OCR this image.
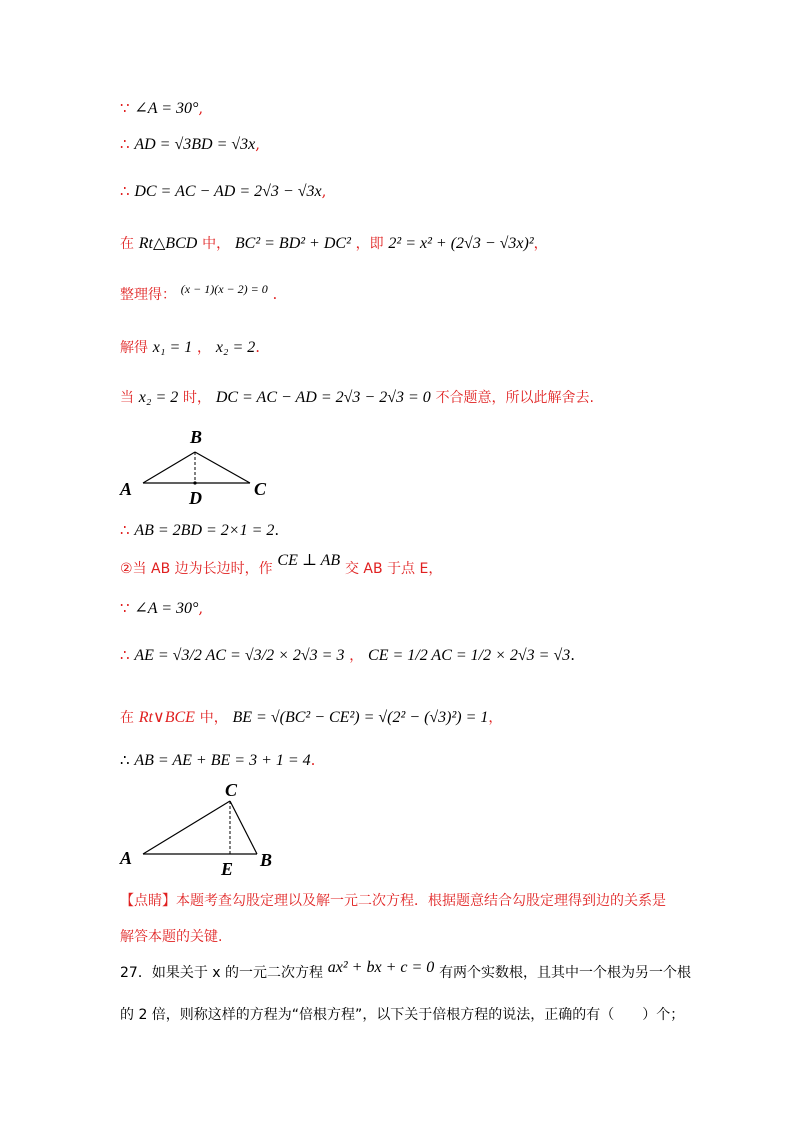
∵ ∠A = 30°,
∴ AD = √3BD = √3x,
∴ DC = AC − AD = 2√3 − √3x,
在 Rt△BCD 中， BC² = BD² + DC² ，即 2² = x² + (2√3 − √3x)²，
整理得： $^{(x - 1)(x - 2) = 0}$ .
解得 x₁ = 1 ， x₂ = 2.
当 x₂ = 2 时， DC = AC − AD = 2√3 − 2√3 = 0 不合题意，所以此解舍去.
B
A	C
D
∴ AB = 2BD = 2×1 = 2.
②当 AB 边为长边时，作 CE ⊥ AB 交 AB 于点 E，
∵ ∠A = 30°,
∴ AE = √3/2 AC = √3/2 × 2√3 = 3 ， CE = 1/2 AC = 1/2 × 2√3 = √3.
在 Rt∨BCE 中， BE = √(BC² − CE²) = √(2² − (√3)²) = 1，
∴ AB = AE + BE = 3 + 1 = 4.
C
A	B
E
【点睛】本题考查勾股定理以及解一元二次方程．根据题意结合勾股定理得到边的关系是
解答本题的关键.
27．如果关于 x 的一元二次方程 ax² + bx + c = 0 有两个实数根，且其中一个根为另一个根
的 2 倍，则称这样的方程为“倍根方程”，以下关于倍根方程的说法，正确的有（　　）个；
